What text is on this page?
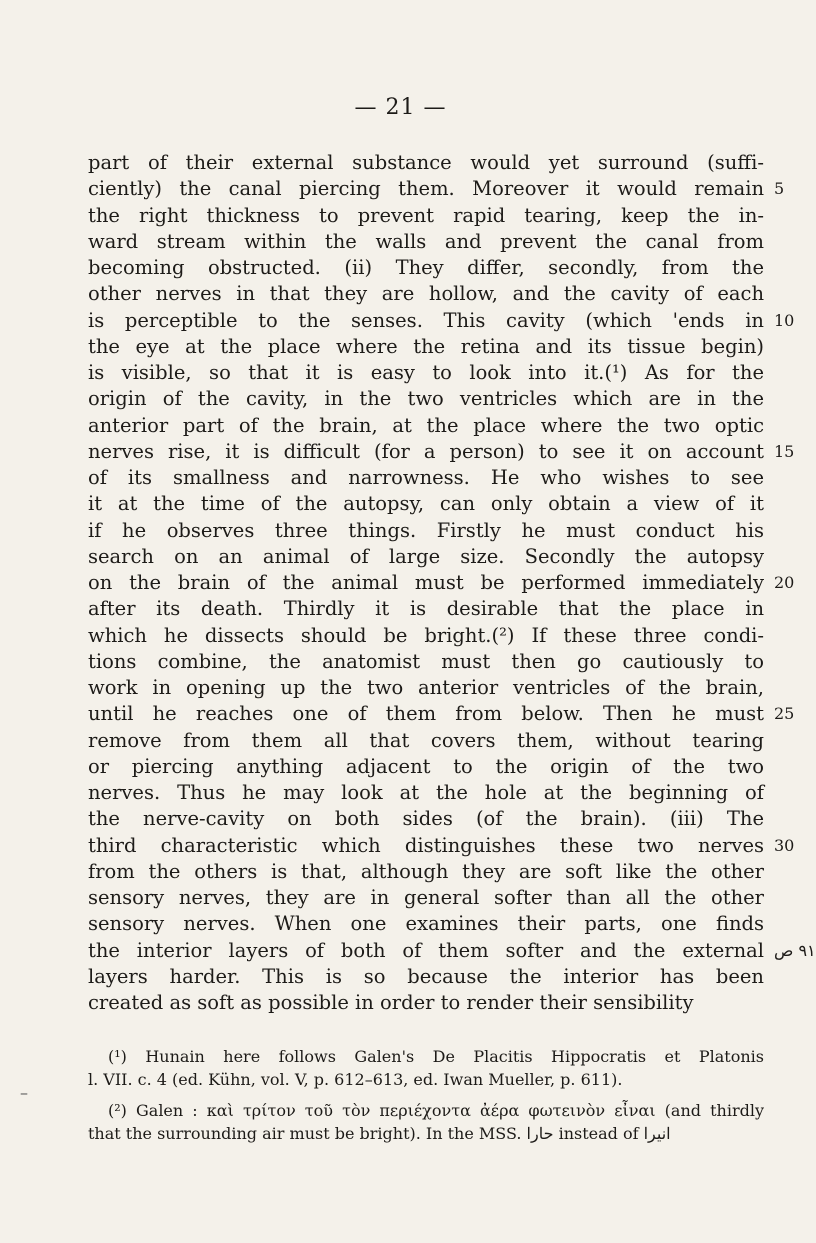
— 21 —
part of their external substance would yet surround (suffi-
ciently) the canal piercing them. Moreover it would remain 5
the right thickness to prevent rapid tearing, keep the in-
ward stream within the walls and prevent the canal from
becoming obstructed. (ii) They differ, secondly, from the
other nerves in that they are hollow, and the cavity of each
is perceptible to the senses. This cavity (which 'ends in 10
the eye at the place where the retina and its tissue begin)
is visible, so that it is easy to look into it.(¹) As for the
origin of the cavity, in the two ventricles which are in the
anterior part of the brain, at the place where the two optic
nerves rise, it is difficult (for a person) to see it on account 15
of its smallness and narrowness. He who wishes to see
it at the time of the autopsy, can only obtain a view of it
if he observes three things. Firstly he must conduct his
search on an animal of large size. Secondly the autopsy
on the brain of the animal must be performed immediately 20
after its death. Thirdly it is desirable that the place in
which he dissects should be bright.(²) If these three condi-
tions combine, the anatomist must then go cautiously to
work in opening up the two anterior ventricles of the brain,
until he reaches one of them from below. Then he must 25
remove from them all that covers them, without tearing
or piercing anything adjacent to the origin of the two
nerves. Thus he may look at the hole at the beginning of
the nerve-cavity on both sides (of the brain). (iii) The
third characteristic which distinguishes these two nerves 30
from the others is that, although they are soft like the other
sensory nerves, they are in general softer than all the other
sensory nerves. When one examines their parts, one finds
the interior layers of both of them softer and the external ٩١ ص
layers harder. This is so because the interior has been
created as soft as possible in order to render their sensibility
–
(¹) Hunain here follows Galen's De Placitis Hippocratis et Platonis
l. VII. c. 4 (ed. Kühn, vol. V, p. 612–613, ed. Iwan Mueller, p. 611).
(²) Galen : καὶ τρίτον τοῦ τὸν περιέχοντα ἀέρα φωτεινὸν εἶναι (and thirdly
that the surrounding air must be bright). In the MSS. حارا instead of انيرا
